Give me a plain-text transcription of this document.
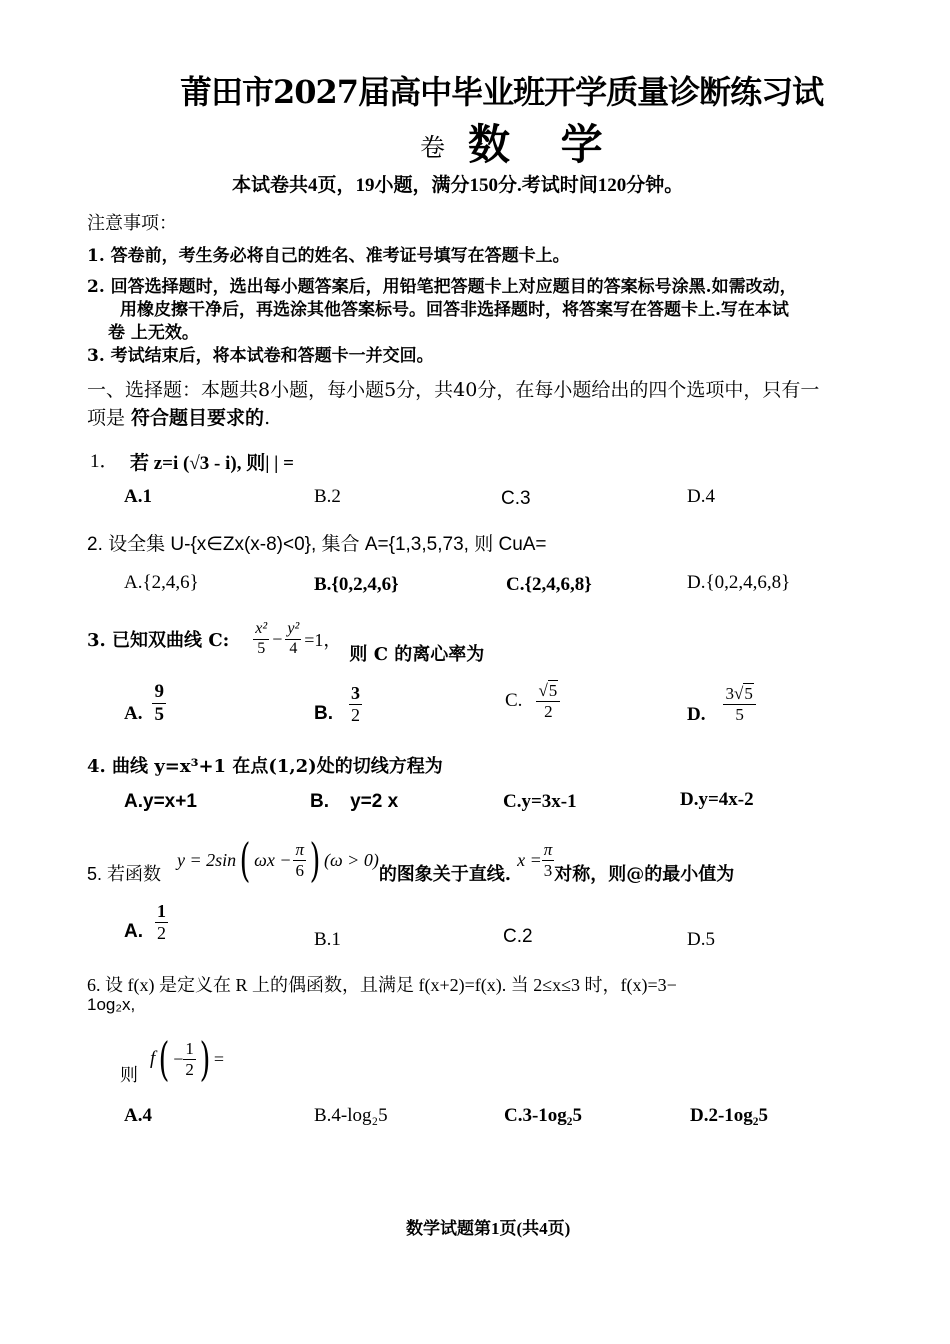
莆田市2027届高中毕业班开学质量诊断练习试
卷 数 学
本试卷共4页，19小题，满分150分.考试时间120分钟。
注意事项：
1. 答卷前，考生务必将自己的姓名、准考证号填写在答题卡上。
2. 回答选择题时，选出每小题答案后，用铅笔把答题卡上对应题目的答案标号涂黑.如需改动，
用橡皮擦干净后，再选涂其他答案标号。回答非选择题时，将答案写在答题卡上.写在本试
卷 上无效。
3. 考试结束后，将本试卷和答题卡一并交回。
一、选择题：本题共8小题，每小题5分，共40分，在每小题给出的四个选项中，只有一
项是 符合题目要求的.
1． 若 z=i (√3 - i), 则| | =
A.1	B.2	C.3	D.4
2. 设全集 U-{x∈Zx(x-8)<0}, 集合 A={1,3,5,73, 则 CuA=
A.{2,4,6}	B.{0,2,4,6}	C.{2,4,6,8}	D.{0,2,4,6,8}
3. 已知双曲线 C: $\frac{\text{x²}}{5} - \frac{\text{y²}}{4} =1$，
则 C 的离心率为
A. $\frac{9}{5}$	B. $\frac{3}{2}$	C. $\frac{√5}{2}$	D. $\frac{3√5}{5}$
4. 曲线 y=x³+1 在点(1,2)处的切线方程为
A.y=x+1	B.    y=2 x	C.y=3x-1	D.y=4x-2
5. 若函数
y = 2sin ( $\omega x - \frac{\pi}{6}$ ) (ω > 0)
的图象关于直线.
$x = \frac{\pi}{3}$ 对称，则@的最小值为
A. $\frac{1}{2}$	B.1	C.2	D.5
6. 设 f(x) 是定义在 R 上的偶函数，且满足 f(x+2)=f(x). 当 2≤x≤3 时，f(x)=3−
1og₂x,
则
f ( − $\frac{1}{2}$ ) =
A.4	B.4-log₂5	C.3-1og₂5	D.2-1og₂5
数学试题第1页(共4页)
